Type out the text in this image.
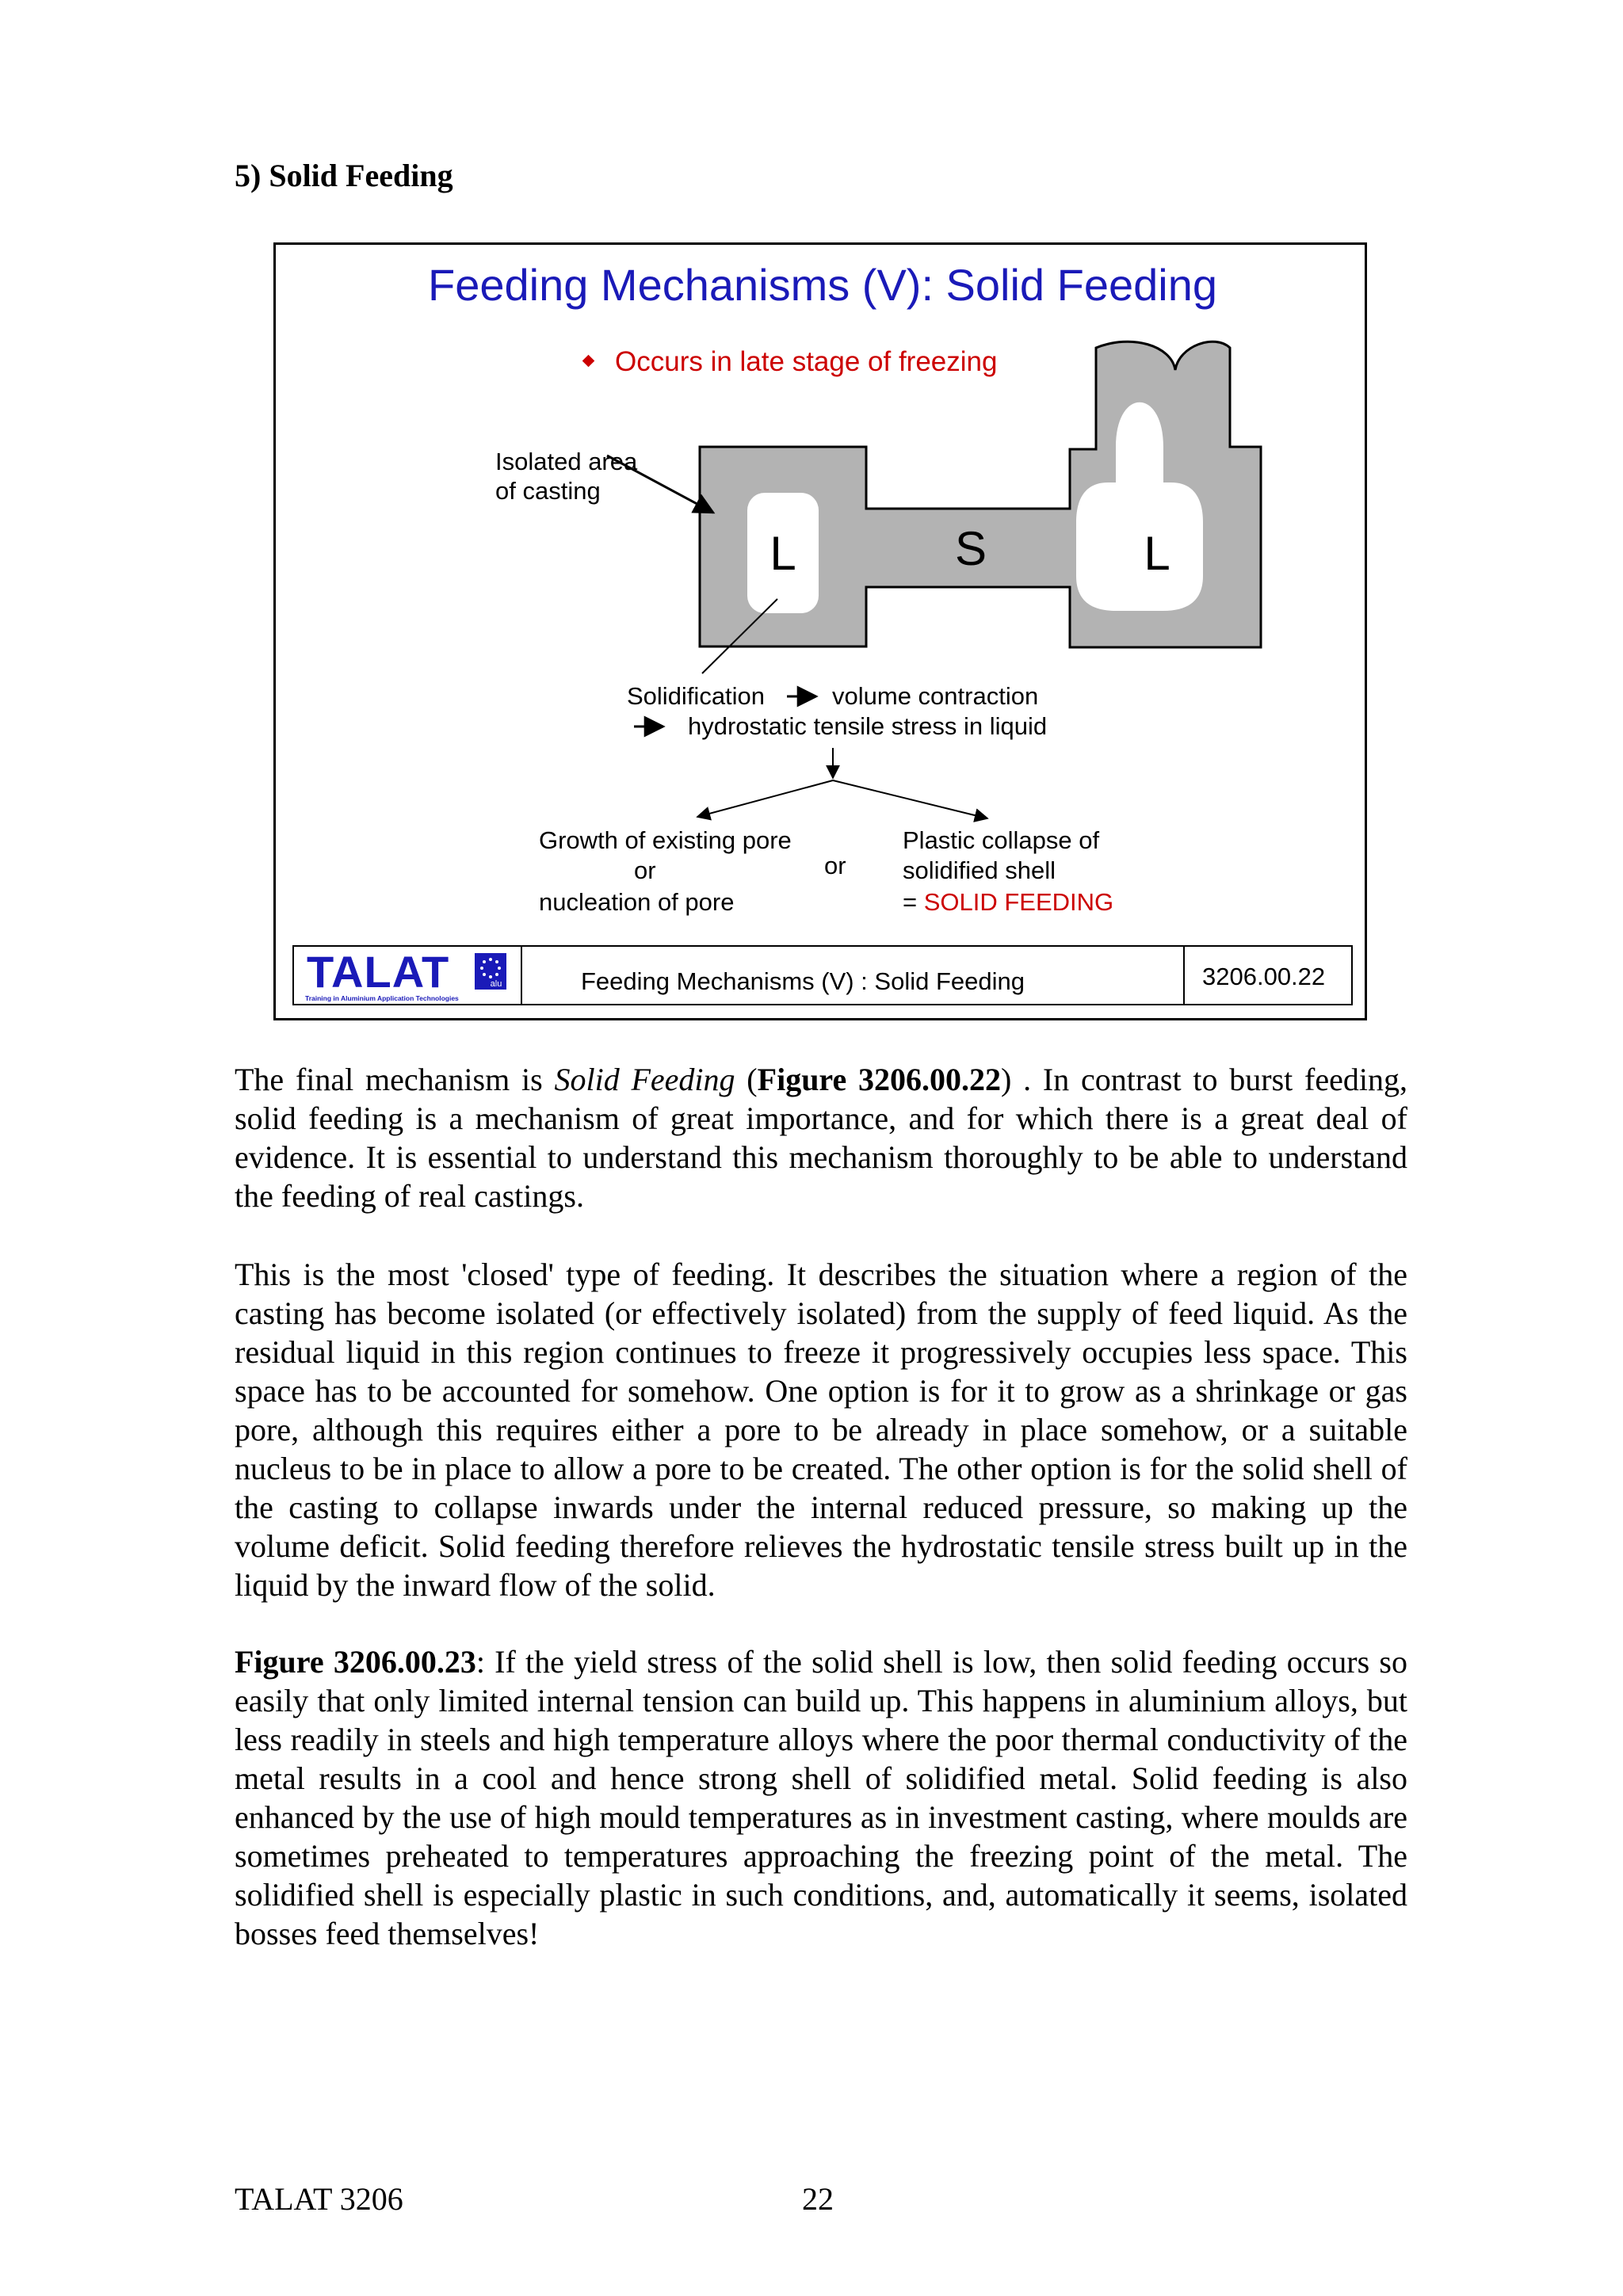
5) Solid Feeding
Feeding Mechanisms (V): Solid Feeding
Occurs in late stage of freezing
L	S	L
Isolated area
of casting
Solidification	volume contraction
hydrostatic tensile stress in liquid
Growth of existing pore
or
nucleation of pore
or
Plastic collapse of
solidified shell
= SOLID FEEDING
TALAT	alu
Training in Aluminium Application Technologies
Feeding Mechanisms (V) : Solid Feeding	3206.00.22

The final mechanism is Solid Feeding (Figure 3206.00.22) . In contrast to burst feeding, solid feeding is a mechanism of great importance, and for which there is a great deal of evidence. It is essential to understand this mechanism thoroughly to be able to understand the feeding of real castings.

This is the most 'closed' type of feeding. It describes the situation where a region of the casting has become isolated (or effectively isolated) from the supply of feed liquid. As the residual liquid in this region continues to freeze it progressively occupies less space. This space has to be accounted for somehow. One option is for it to grow as a shrinkage or gas pore, although this requires either a pore to be already in place somehow, or a suitable nucleus to be in place to allow a pore to be created. The other option is for the solid shell of the casting to collapse inwards under the internal reduced pressure, so making up the volume deficit. Solid feeding therefore relieves the hydrostatic tensile stress built up in the liquid by the inward flow of the solid.

Figure 3206.00.23: If the yield stress of the solid shell is low, then solid feeding occurs so easily that only limited internal tension can build up. This happens in aluminium alloys, but less readily in steels and high temperature alloys where the poor thermal conductivity of the metal results in a cool and hence strong shell of solidified metal. Solid feeding is also enhanced by the use of high mould temperatures as in investment casting, where moulds are sometimes preheated to temperatures approaching the freezing point of the metal. The solidified shell is especially plastic in such conditions, and, automatically it seems, isolated bosses feed themselves!

TALAT 3206	22
